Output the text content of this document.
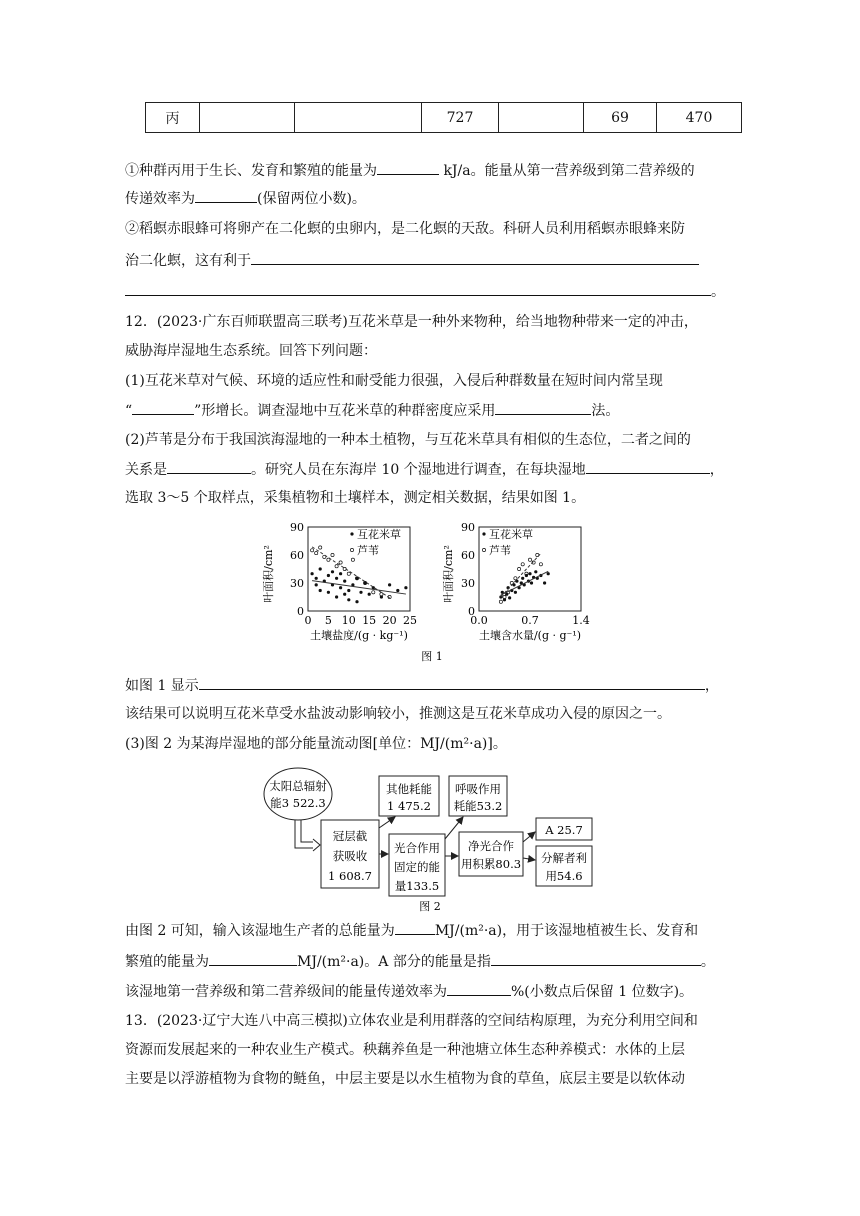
丙			727		69	470
①种群丙用于生长、发育和繁殖的能量为	kJ/a。能量从第一营养级到第二营养级的
传递效率为	(保留两位小数)。
②稻螟赤眼蜂可将卵产在二化螟的虫卵内，是二化螟的天敌。科研人员利用稻螟赤眼蜂来防
治二化螟，这有利于
。
12．(2023·广东百师联盟高三联考)互花米草是一种外来物种，给当地物种带来一定的冲击，
威胁海岸湿地生态系统。回答下列问题：
(1)互花米草对气候、环境的适应性和耐受能力很强，入侵后种群数量在短时间内常呈现
“	”形增长。调查湿地中互花米草的种群密度应采用	法。
(2)芦苇是分布于我国滨海湿地的一种本土植物，与互花米草具有相似的生态位，二者之间的
关系是	。研究人员在东海岸 10 个湿地进行调查，在每块湿地	，
选取 3～5 个取样点，采集植物和土壤样本，测定相关数据，结果如图 1。
叶面积/cm²
0
30
60
90
0 5 10 15 20 25
互花米草
芦苇
土壤盐度/(g · kg⁻¹)
叶面积/cm²
0
30
60
90
0.0	0.7	1.4
互花米草
芦苇
土壤含水量/(g · g⁻¹)
图 1
如图 1 显示	，
该结果可以说明互花米草受水盐波动影响较小，推测这是互花米草成功入侵的原因之一。
(3)图 2 为某海岸湿地的部分能量流动图[单位：MJ/(m²·a)]。
太阳总辐射
能3 522.3
冠层截
获吸收
1 608.7
其他耗能
1 475.2
光合作用
固定的能
量133.5
呼吸作用
耗能53.2
净光合作
用积累80.3
A 25.7
分解者利
用54.6
图 2
由图 2 可知，输入该湿地生产者的总能量为	MJ/(m²·a)，用于该湿地植被生长、发育和
繁殖的能量为	MJ/(m²·a)。A 部分的能量是指	。
该湿地第一营养级和第二营养级间的能量传递效率为	%(小数点后保留 1 位数字)。
13．(2023·辽宁大连八中高三模拟)立体农业是利用群落的空间结构原理，为充分利用空间和
资源而发展起来的一种农业生产模式。秧藕养鱼是一种池塘立体生态种养模式：水体的上层
主要是以浮游植物为食物的鲢鱼，中层主要是以水生植物为食的草鱼，底层主要是以软体动
